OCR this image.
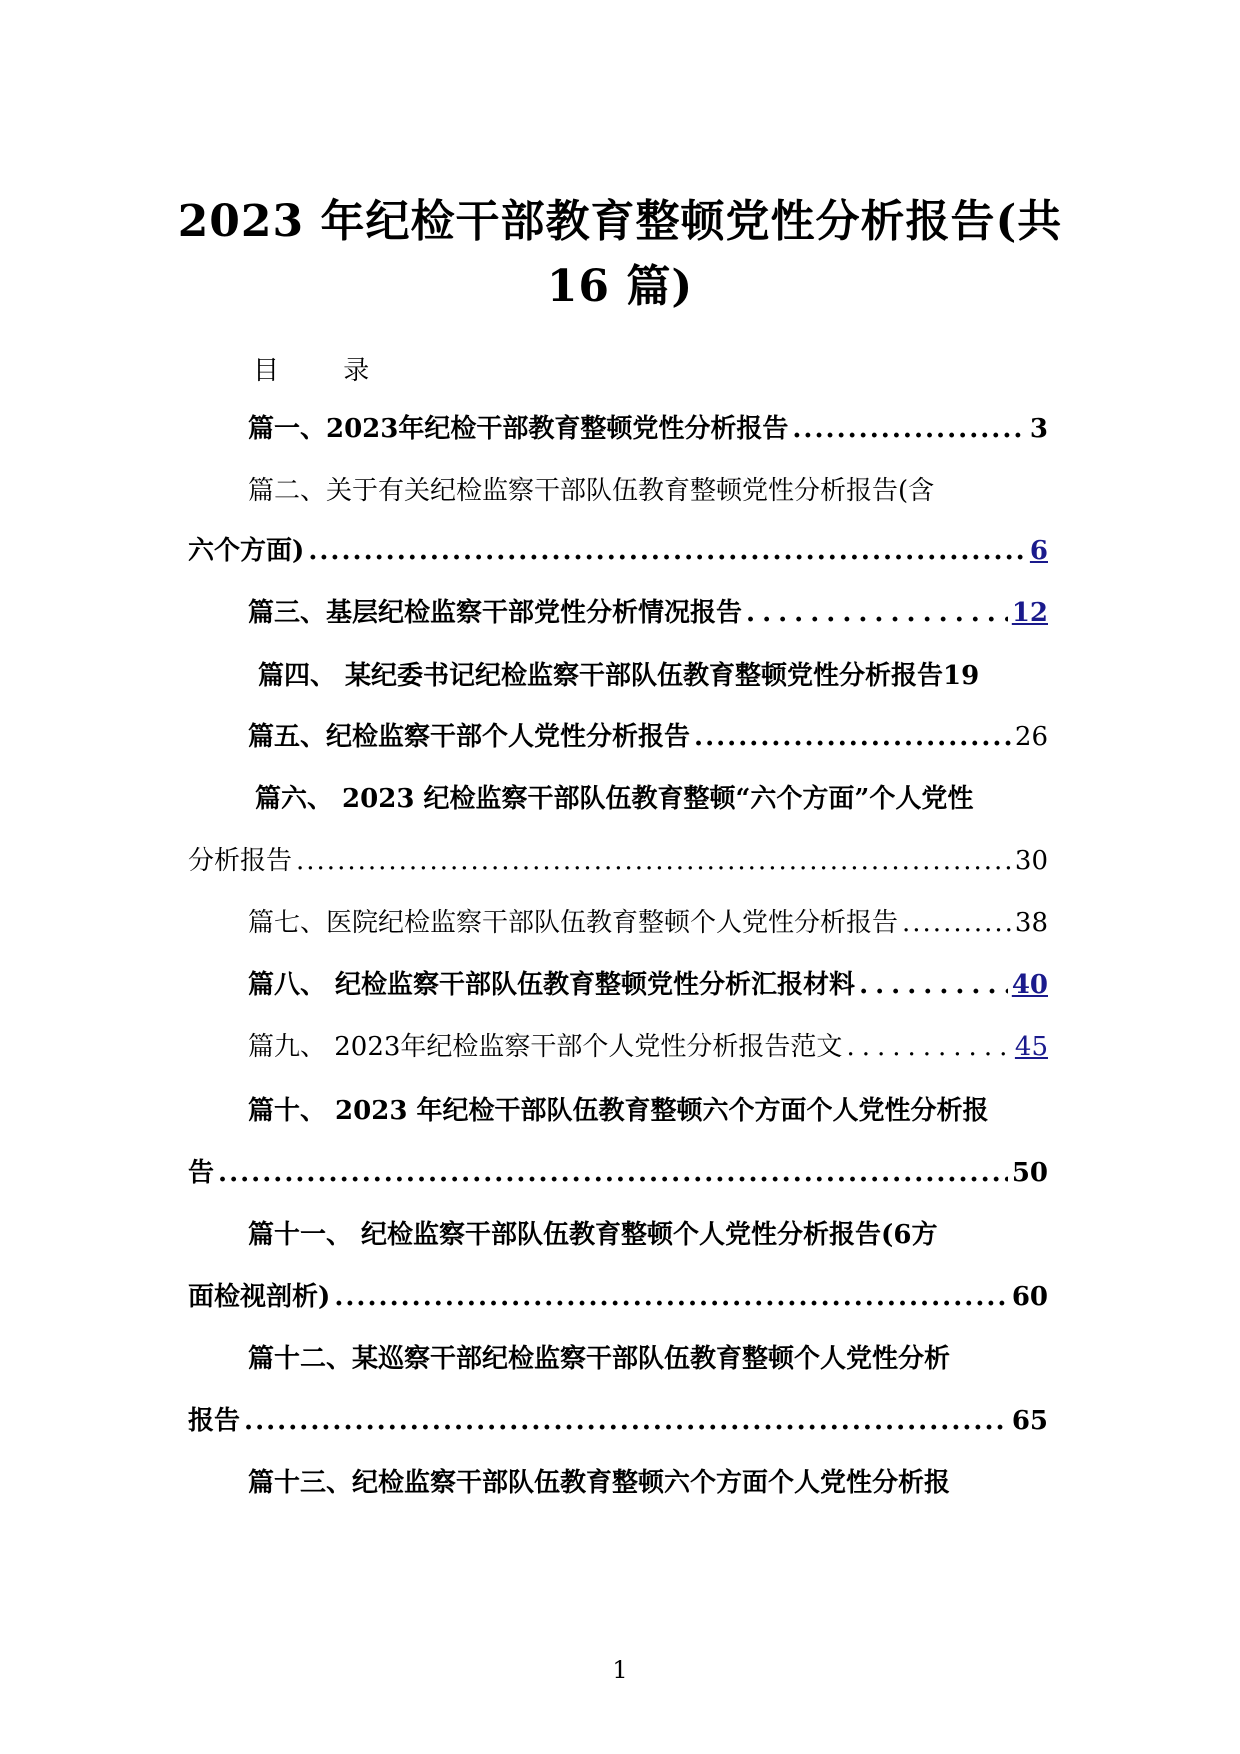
2023 年纪检干部教育整顿党性分析报告(共
16 篇)
目 录
篇一、2023年纪检干部教育整顿党性分析报告 .....	3
篇二、关于有关纪检监察干部队伍教育整顿党性分析报告(含
六个方面) .....	6
篇三、基层纪检监察干部党性分析情况报告 .....	12
篇四、 某纪委书记纪检监察干部队伍教育整顿党性分析报告19
篇五、纪检监察干部个人党性分析报告 .....	26
篇六、 2023 纪检监察干部队伍教育整顿“六个方面”个人党性
分析报告 .....	30
篇七、医院纪检监察干部队伍教育整顿个人党性分析报告 .....	38
篇八、 纪检监察干部队伍教育整顿党性分析汇报材料 .....	40
篇九、 2023年纪检监察干部个人党性分析报告范文 .....	45
篇十、 2023 年纪检干部队伍教育整顿六个方面个人党性分析报
告 .....	50
篇十一、 纪检监察干部队伍教育整顿个人党性分析报告(6方
面检视剖析) .....	60
篇十二、某巡察干部纪检监察干部队伍教育整顿个人党性分析
报告 .....	65
篇十三、纪检监察干部队伍教育整顿六个方面个人党性分析报
1
